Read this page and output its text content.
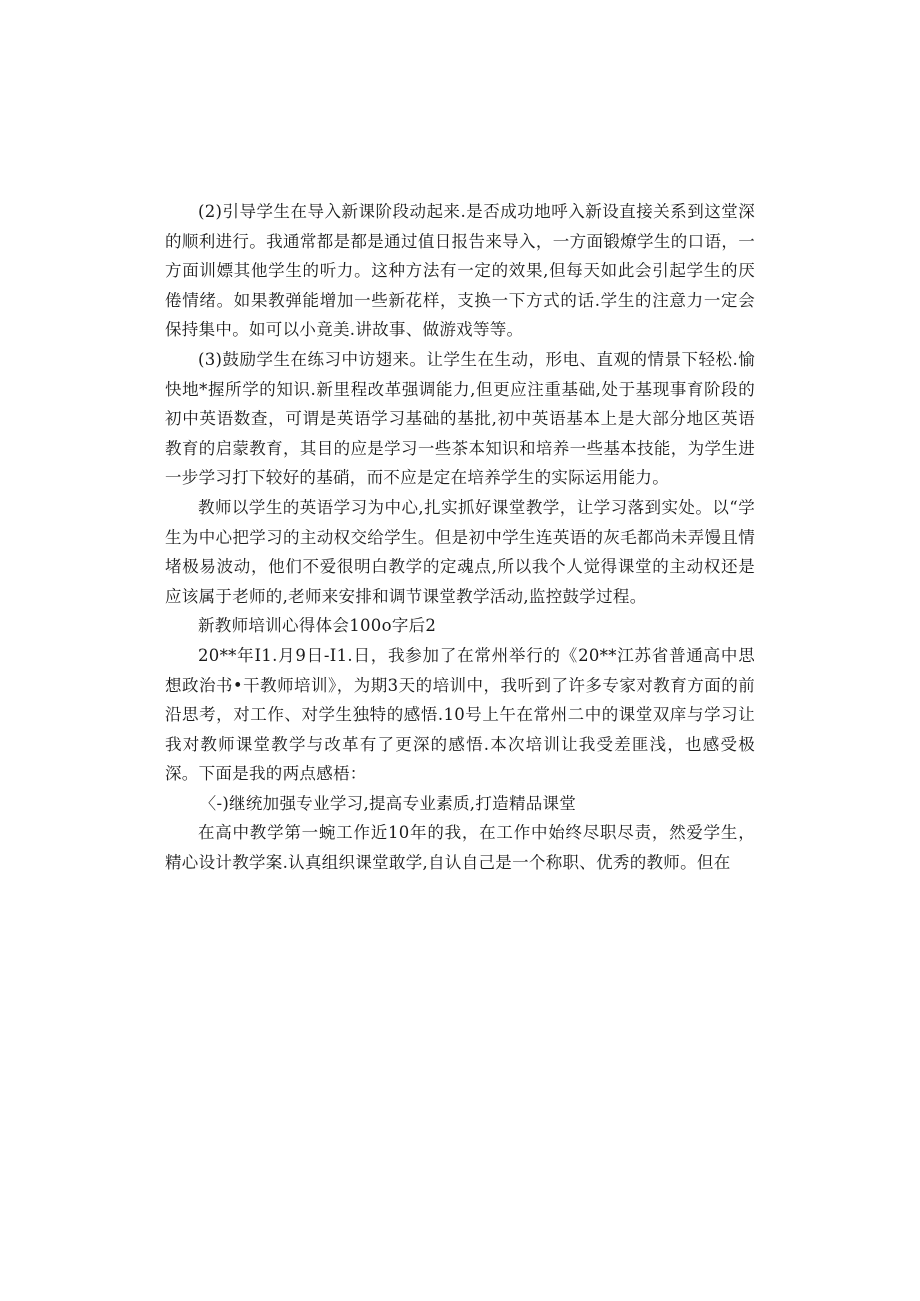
(2)引导学生在导入新课阶段动起来.是否成功地呼入新设直接关系到这堂深的顺利进行。我通常都是都是通过值日报告来导入，一方面锻燎学生的口语，一方面训嫖其他学生的听力。这种方法有一定的效果,但每天如此会引起学生的厌倦情绪。如果教弹能增加一些新花样，支换一下方式的话.学生的注意力一定会保持集中。如可以小竟美.讲故事、做游戏等等。

(3)鼓励学生在练习中访翅来。让学生在生动，形电、直观的情景下轻松.愉快地*握所学的知识.新里程改革强调能力,但更应注重基础,处于基现事育阶段的初中英语数查，可谓是英语学习基础的基批,初中英语基本上是大部分地区英语教育的启蒙教育，其目的应是学习一些茶本知识和培养一些基本技能，为学生进一步学习打下较好的基硝，而不应是定在培养学生的实际运用能力。

教师以学生的英语学习为中心,扎实抓好课堂教学，让学习落到实处。以“学生为中心把学习的主动权交给学生。但是初中学生连英语的灰毛都尚未弄馒且情堵极易波动，他们不爱很明白教学的定魂点,所以我个人觉得课堂的主动权还是应该属于老师的,老师来安排和调节课堂教学活动,监控鼓学过程。

新教师培训心得体会100o字后2

20**年I1.月9日-I1.日，我参加了在常州举行的《20**江苏省普通高中思想政治书•干教师培训》，为期3天的培训中，我听到了许多专家对教育方面的前沿思考，对工作、对学生独特的感悟.10号上午在常州二中的课堂双庠与学习让我对教师课堂教学与改革有了更深的感悟.本次培训让我受差匪浅，也感受极深。下面是我的两点感梧：

〈-)继统加强专业学习,提高专业素质,打造精品课堂

在高中教学第一蜿工作近10年的我，在工作中始终尽职尽责，然爱学生，精心设计教学案.认真组织课堂敢学,自认自己是一个称职、优秀的教师。但在
